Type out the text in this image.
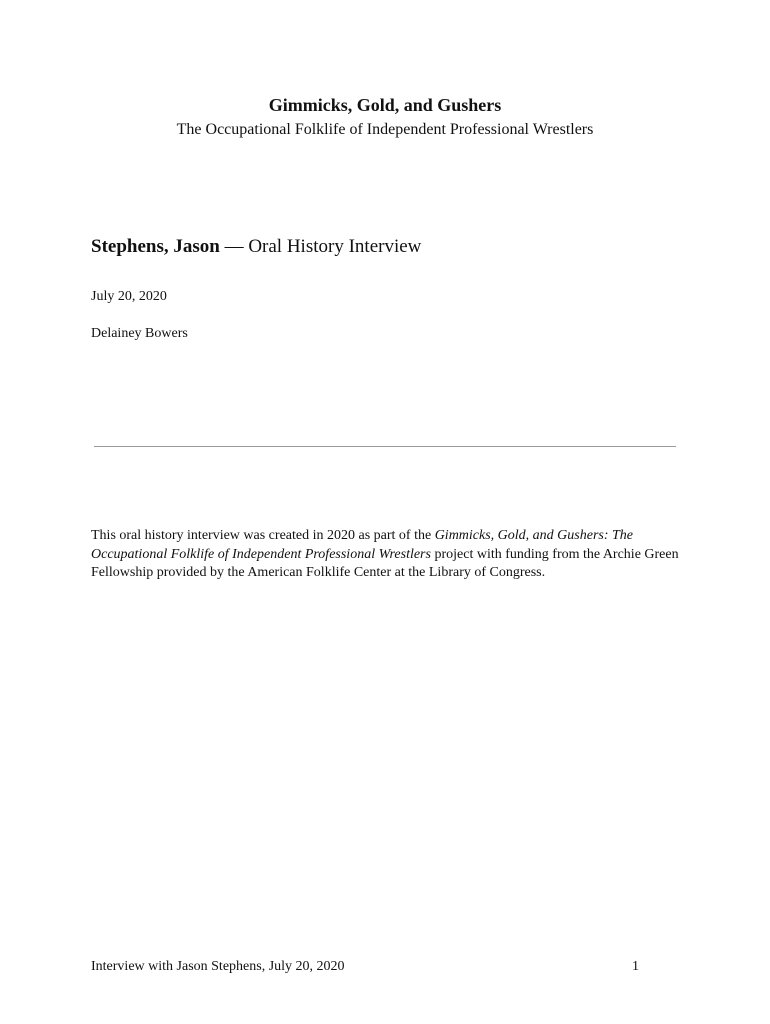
Gimmicks, Gold, and Gushers
The Occupational Folklife of Independent Professional Wrestlers
Stephens, Jason — Oral History Interview
July 20, 2020
Delainey Bowers
This oral history interview was created in 2020 as part of the Gimmicks, Gold, and Gushers: The Occupational Folklife of Independent Professional Wrestlers project with funding from the Archie Green Fellowship provided by the American Folklife Center at the Library of Congress.
Interview with Jason Stephens, July 20, 2020	1
